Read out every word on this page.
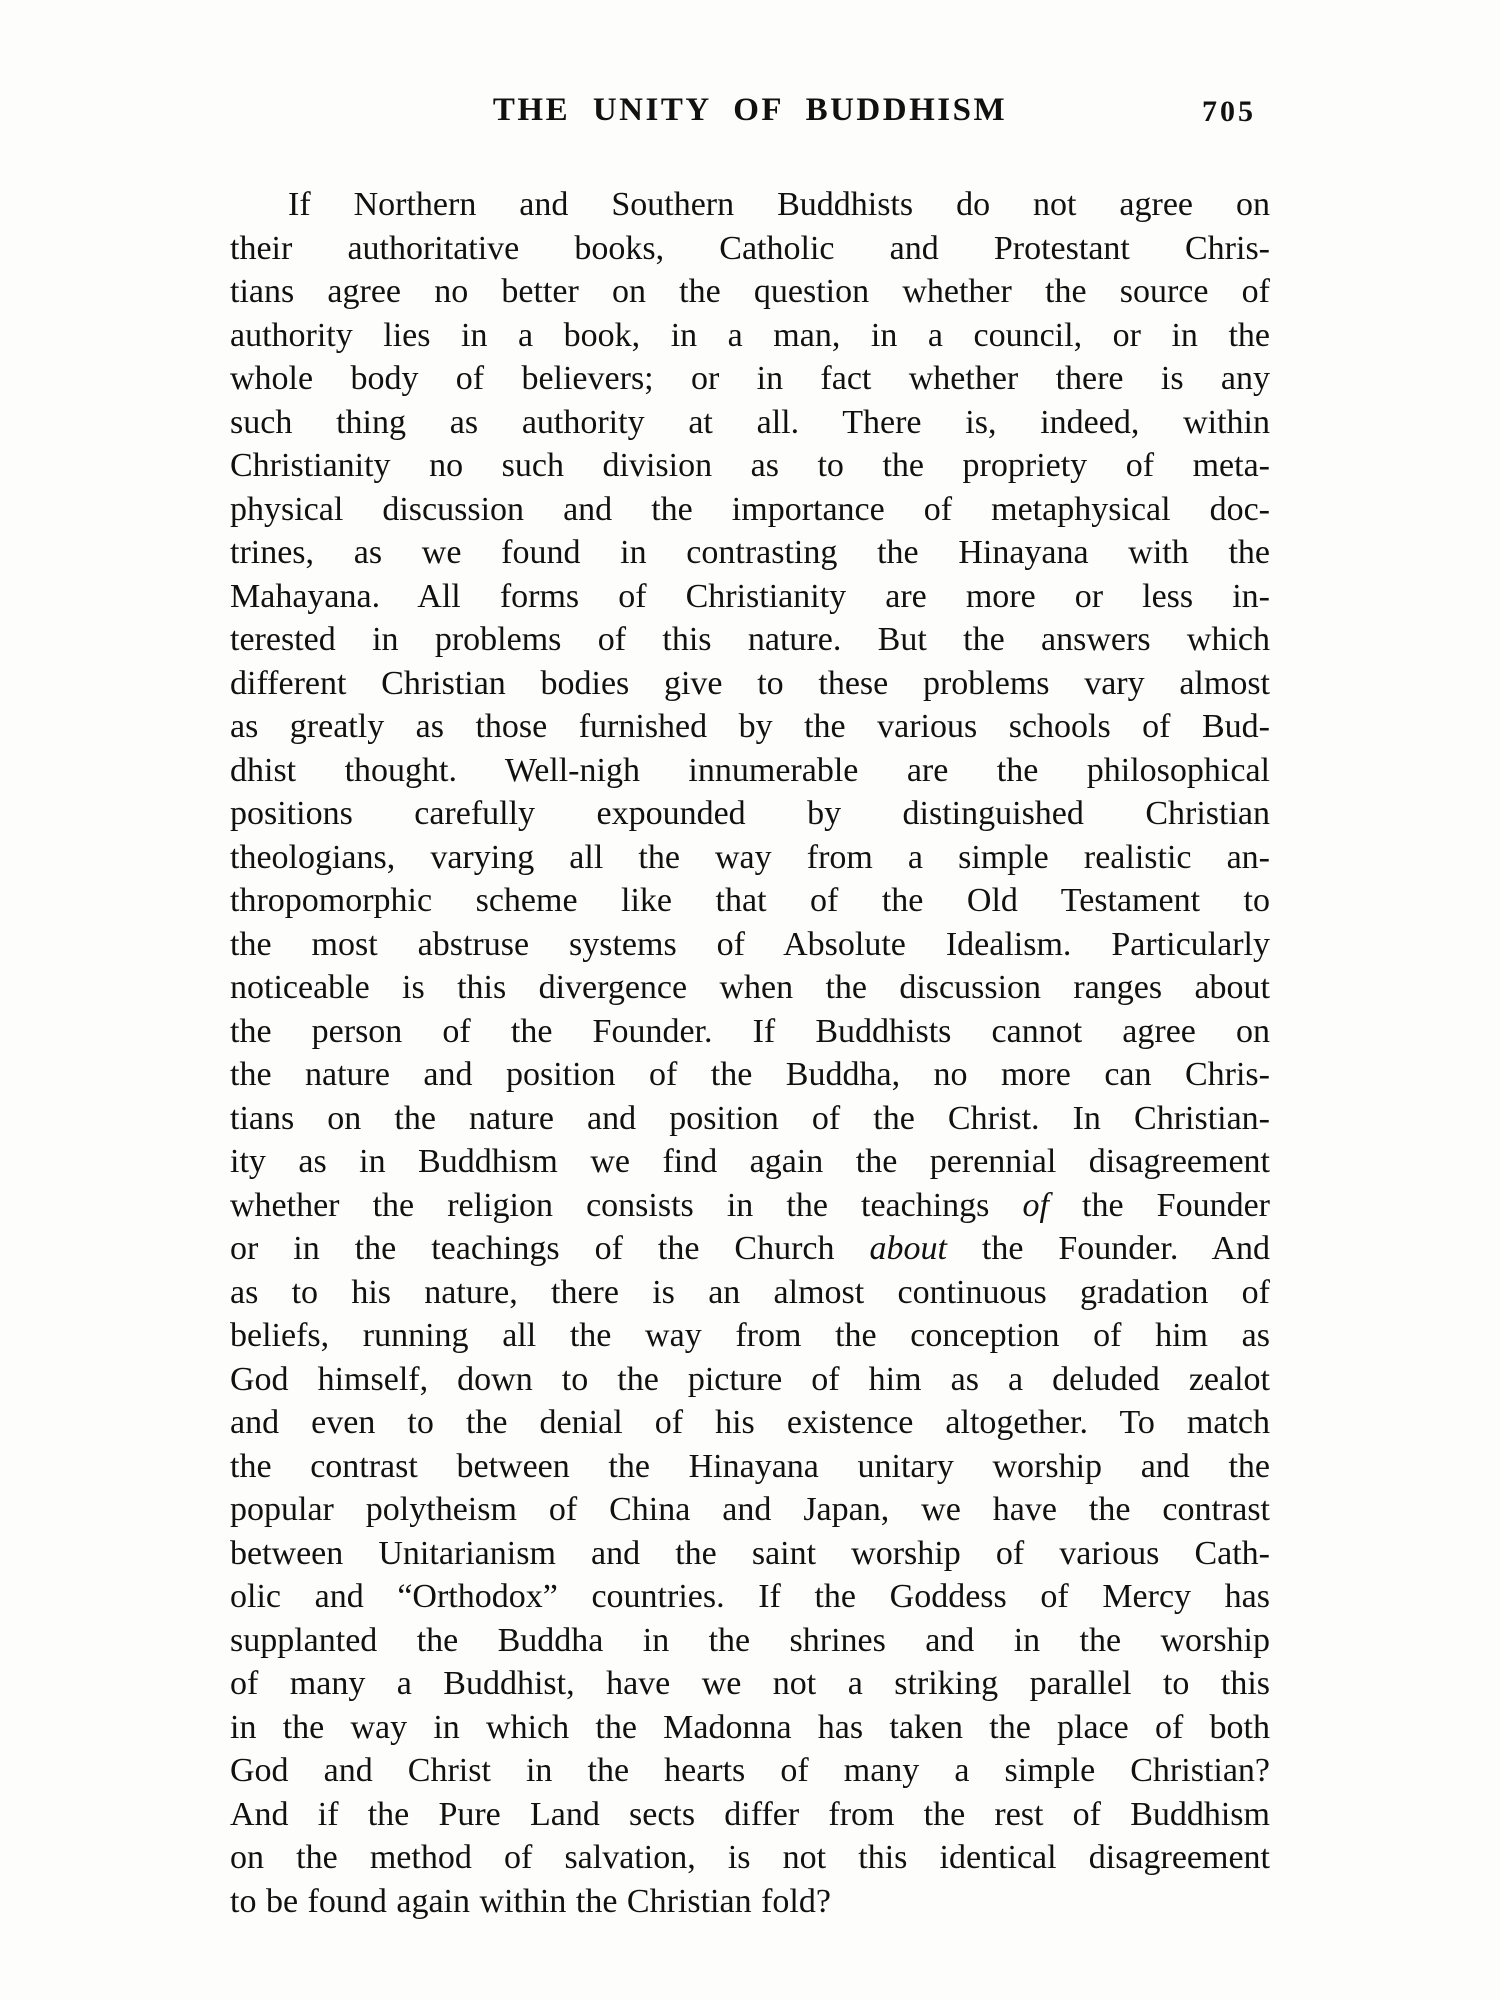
THE UNITY OF BUDDHISM	705
If Northern and Southern Buddhists do not agree on
their authoritative books, Catholic and Protestant Chris-
tians agree no better on the question whether the source of
authority lies in a book, in a man, in a council, or in the
whole body of believers; or in fact whether there is any
such thing as authority at all. There is, indeed, within
Christianity no such division as to the propriety of meta-
physical discussion and the importance of metaphysical doc-
trines, as we found in contrasting the Hinayana with the
Mahayana. All forms of Christianity are more or less in-
terested in problems of this nature. But the answers which
different Christian bodies give to these problems vary almost
as greatly as those furnished by the various schools of Bud-
dhist thought. Well-nigh innumerable are the philosophical
positions carefully expounded by distinguished Christian
theologians, varying all the way from a simple realistic an-
thropomorphic scheme like that of the Old Testament to
the most abstruse systems of Absolute Idealism. Particularly
noticeable is this divergence when the discussion ranges about
the person of the Founder. If Buddhists cannot agree on
the nature and position of the Buddha, no more can Chris-
tians on the nature and position of the Christ. In Christian-
ity as in Buddhism we find again the perennial disagreement
whether the religion consists in the teachings of the Founder
or in the teachings of the Church about the Founder. And
as to his nature, there is an almost continuous gradation of
beliefs, running all the way from the conception of him as
God himself, down to the picture of him as a deluded zealot
and even to the denial of his existence altogether. To match
the contrast between the Hinayana unitary worship and the
popular polytheism of China and Japan, we have the contrast
between Unitarianism and the saint worship of various Cath-
olic and “Orthodox” countries. If the Goddess of Mercy has
supplanted the Buddha in the shrines and in the worship
of many a Buddhist, have we not a striking parallel to this
in the way in which the Madonna has taken the place of both
God and Christ in the hearts of many a simple Christian?
And if the Pure Land sects differ from the rest of Buddhism
on the method of salvation, is not this identical disagreement
to be found again within the Christian fold?
